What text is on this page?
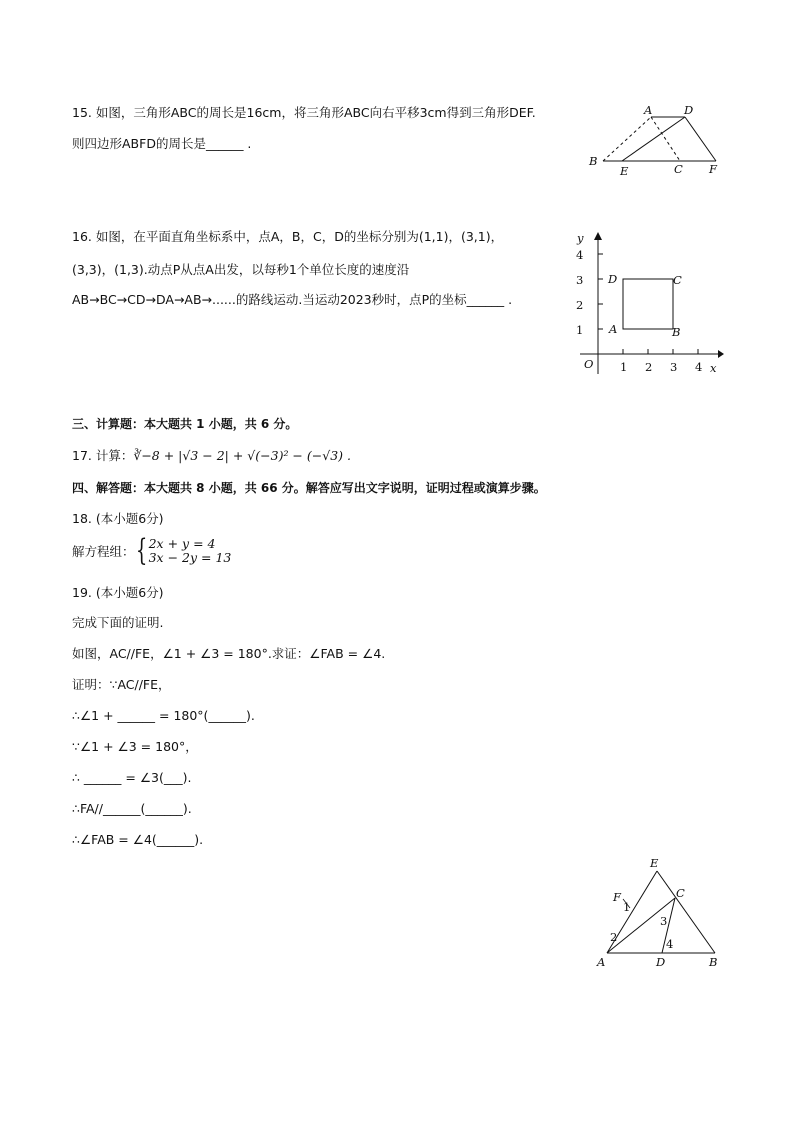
15. 如图，三角形ABC的周长是16cm，将三角形ABC向右平移3cm得到三角形DEF.
则四边形ABFD的周长是______ .
A	D
B
E	C F
16. 如图，在平面直角坐标系中，点A，B，C，D的坐标分别为(1,1)，(3,1)，
(3,3)，(1,3).动点P从点A出发，以每秒1个单位长度的速度沿
AB→BC→CD→DA→AB→......的路线运动.当运动2023秒时，点P的坐标______ .
y
x
O 1 2 3 4
1
2
3
4
A	B
C
D
三、计算题：本大题共 1 小题，共 6 分。
17. 计算：∛−8 + |√3 − 2| + √(−3)² − (−√3) .
四、解答题：本大题共 8 小题，共 66 分。解答应写出文字说明，证明过程或演算步骤。
18. (本小题6分)
解方程组： { 2x + y = 4
3x − 2y = 13
19. (本小题6分)
完成下面的证明.
如图，AC//FE，∠1 + ∠3 = 180°.求证：∠FAB = ∠4.
证明：∵AC//FE，
∴∠1 + ______ = 180°(______).
∵∠1 + ∠3 = 180°，
∴ ______ = ∠3(___).
∴FA//______(______).
∴∠FAB = ∠4(______).
E
F	C
1
3
2	4
A	D	B
